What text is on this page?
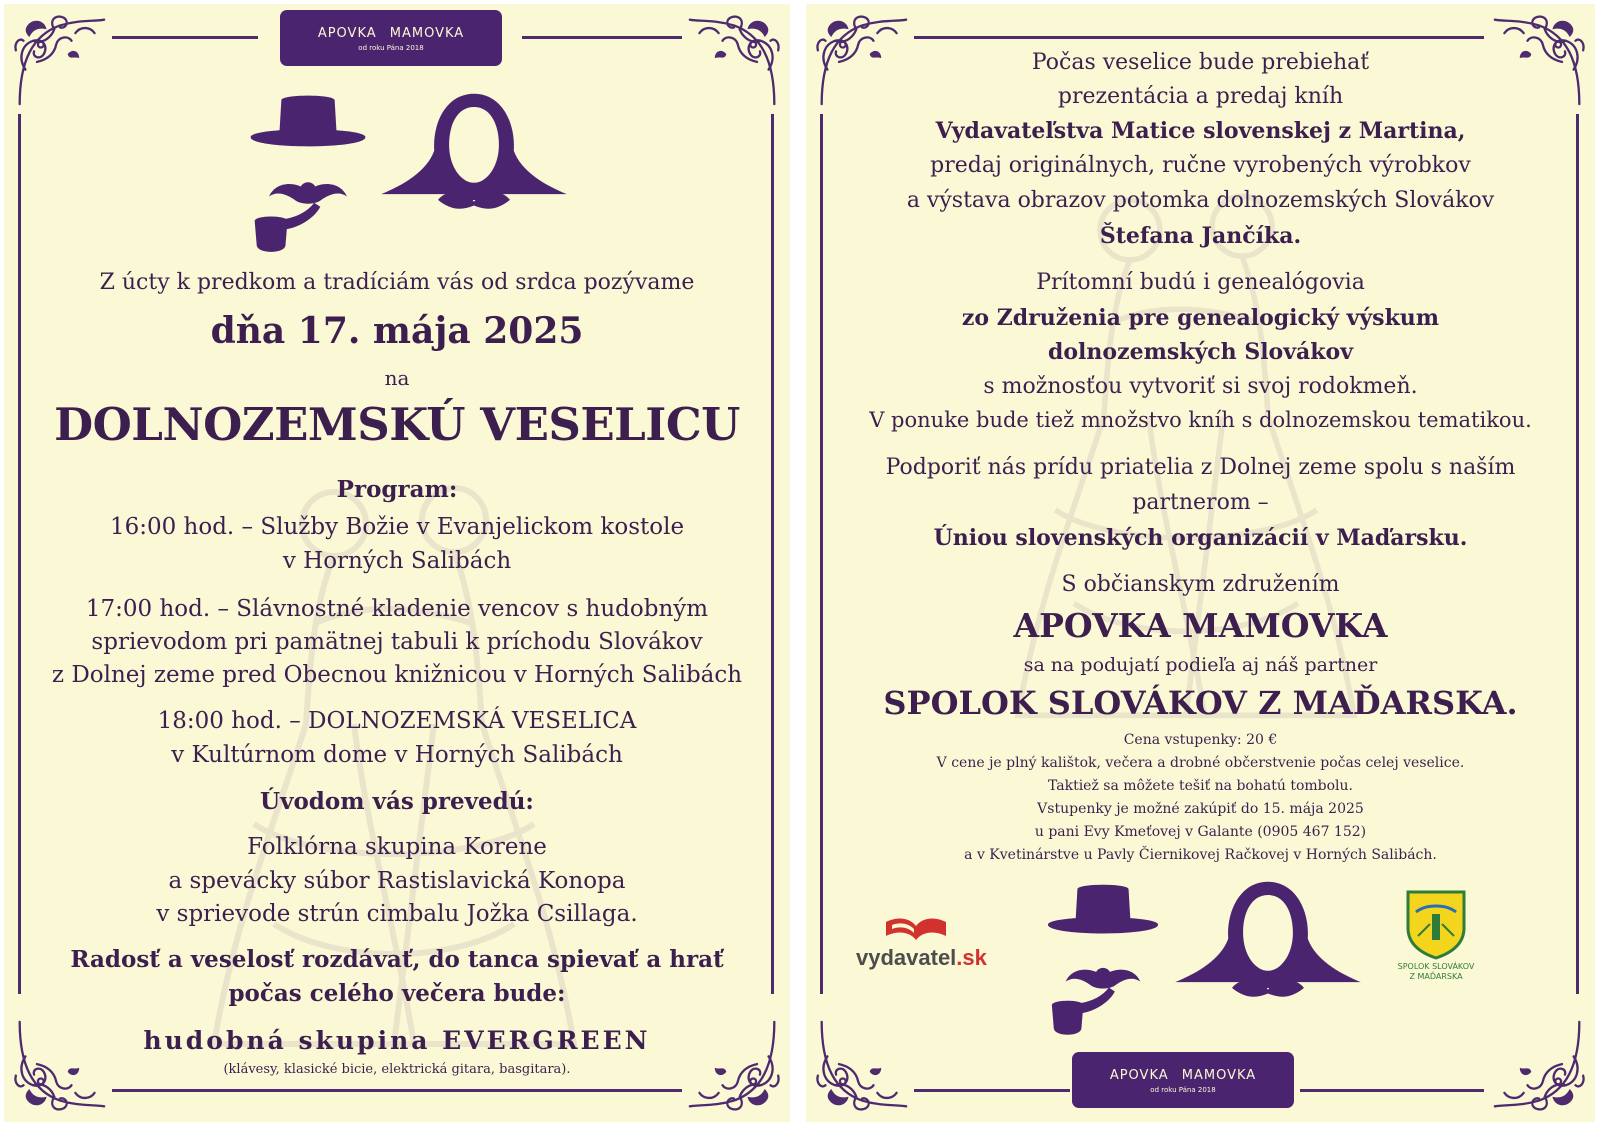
APOVKA MAMOVKA
od roku Pána 2018
Z úcty k predkom a tradíciám vás od srdca pozývame
dňa 17. mája 2025
na
DOLNOZEMSKÚ VESELICU
Program:
16:00 hod. – Služby Božie v Evanjelickom kostole
v Horných Salibách
17:00 hod. – Slávnostné kladenie vencov s hudobným
sprievodom pri pamätnej tabuli k príchodu Slovákov
z Dolnej zeme pred Obecnou knižnicou v Horných Salibách
18:00 hod. – DOLNOZEMSKÁ VESELICA
v Kultúrnom dome v Horných Salibách
Úvodom vás prevedú:
Folklórna skupina Korene
a spevácky súbor Rastislavická Konopa
v sprievode strún cimbalu Jožka Csillaga.
Radosť a veselosť rozdávať, do tanca spievať a hrať
počas celého večera bude:
hudobná skupina EVERGREEN
(klávesy, klasické bicie, elektrická gitara, basgitara).
Počas veselice bude prebiehať
prezentácia a predaj kníh
Vydavateľstva Matice slovenskej z Martina,
predaj originálnych, ručne vyrobených výrobkov
a výstava obrazov potomka dolnozemských Slovákov
Štefana Jančíka.
Prítomní budú i genealógovia
zo Združenia pre genealogický výskum
dolnozemských Slovákov
s možnosťou vytvoriť si svoj rodokmeň.
V ponuke bude tiež množstvo kníh s dolnozemskou tematikou.
Podporiť nás prídu priatelia z Dolnej zeme spolu s naším
partnerom –
Úniou slovenských organizácií v Maďarsku.
S občianskym združením
APOVKA MAMOVKA
sa na podujatí podieľa aj náš partner
SPOLOK SLOVÁKOV Z MAĎARSKA.
Cena vstupenky: 20 €
V cene je plný kalištok, večera a drobné občerstvenie počas celej veselice.
Taktiež sa môžete tešiť na bohatú tombolu.
Vstupenky je možné zakúpiť do 15. mája 2025
u pani Evy Kmeťovej v Galante (0905 467 152)
a v Kvetinárstve u Pavly Čiernikovej Račkovej v Horných Salibách.
vydavatel.sk	SPOLOK SLOVÁKOV Z MAĎARSKA
APOVKA MAMOVKA
od roku Pána 2018
